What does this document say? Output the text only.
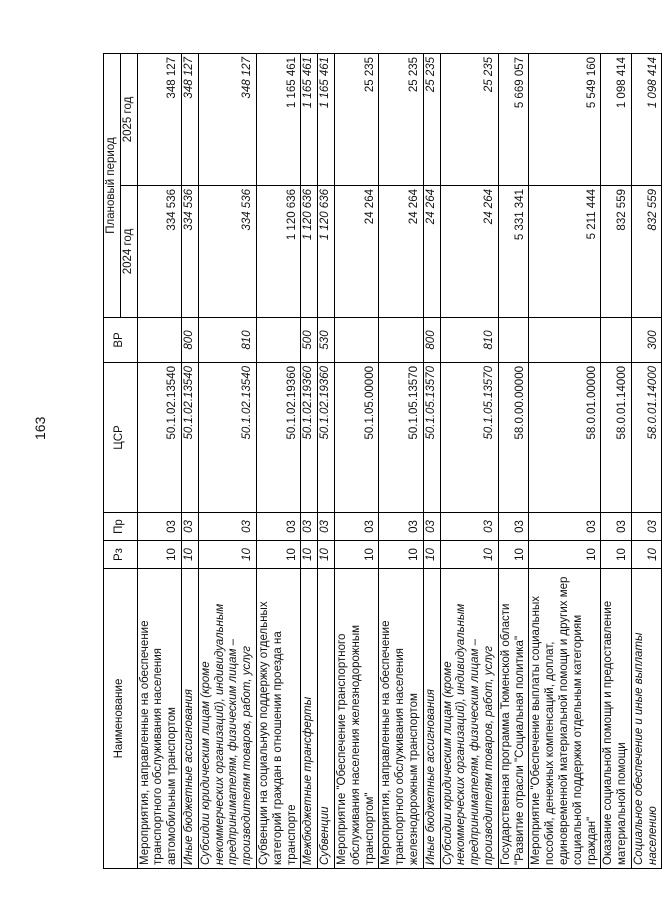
163
Наименование	Рз	Пр	ЦСР	ВР	Плановый период	
					2024 год	2025 год
Мероприятия, направленные на обеспечение транспортного обслуживания населения автомобильным транспортом	10	03	50.1.02.13540		334 536	348 127
Иные бюджетные ассигнования	10	03	50.1.02.13540	800	334 536	348 127
Субсидии юридическим лицам (кроме некоммерческих организаций), индивидуальным предпринимателям, физическим лицам – производителям товаров, работ, услуг	10	03	50.1.02.13540	810	334 536	348 127
Субвенции на социальную поддержку отдельных категорий граждан в отношении проезда на транспорте	10	03	50.1.02.19360		1 120 636	1 165 461
Межбюджетные трансферты	10	03	50.1.02.19360	500	1 120 636	1 165 461
Субвенции	10	03	50.1.02.19360	530	1 120 636	1 165 461
Мероприятие "Обеспечение транспортного обслуживания населения железнодорожным транспортом"	10	03	50.1.05.00000		24 264	25 235
Мероприятия, направленные на обеспечение транспортного обслуживания населения железнодорожным транспортом	10	03	50.1.05.13570		24 264	25 235
Иные бюджетные ассигнования	10	03	50.1.05.13570	800	24 264	25 235
Субсидии юридическим лицам (кроме некоммерческих организаций), индивидуальным предпринимателям, физическим лицам – производителям товаров, работ, услуг	10	03	50.1.05.13570	810	24 264	25 235
Государственная программа Тюменской области "Развитие отрасли "Социальная политика"	10	03	58.0.00.00000		5 331 341	5 669 057
Мероприятие "Обеспечение выплаты социальных пособий, денежных компенсаций, доплат, единовременной материальной помощи и других мер социальной поддержки отдельным категориям граждан"	10	03	58.0.01.00000		5 211 444	5 549 160
Оказание социальной помощи и предоставление материальной помощи	10	03	58.0.01.14000		832 559	1 098 414
Социальное обеспечение и иные выплаты населению	10	03	58.0.01.14000	300	832 559	1 098 414
